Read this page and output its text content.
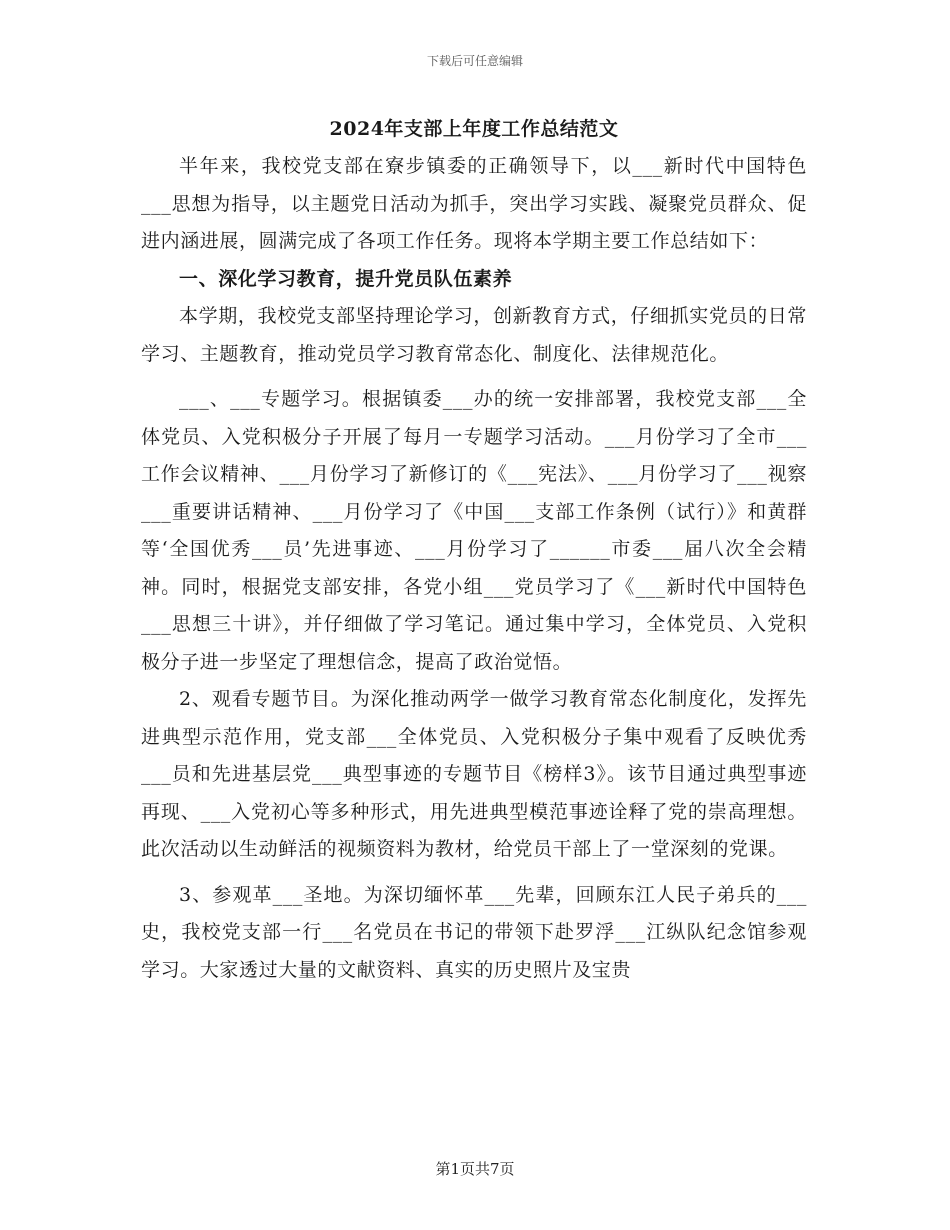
下载后可任意编辑
2024年支部上年度工作总结范文

半年来，我校党支部在寮步镇委的正确领导下，以___新时代中国特色___思想为指导，以主题党日活动为抓手，突出学习实践、凝聚党员群众、促进内涵进展，圆满完成了各项工作任务。现将本学期主要工作总结如下：

一、深化学习教育，提升党员队伍素养

本学期，我校党支部坚持理论学习，创新教育方式，仔细抓实党员的日常学习、主题教育，推动党员学习教育常态化、制度化、法律规范化。

___、___专题学习。根据镇委___办的统一安排部署，我校党支部___全体党员、入党积极分子开展了每月一专题学习活动。___月份学习了全市___工作会议精神、___月份学习了新修订的《___宪法》、___月份学习了___视察___重要讲话精神、___月份学习了《中国___支部工作条例（试行）》和黄群等‘全国优秀___员’先进事迹、___月份学习了______市委___届八次全会精神。同时，根据党支部安排，各党小组___党员学习了《___新时代中国特色___思想三十讲》，并仔细做了学习笔记。通过集中学习，全体党员、入党积极分子进一步坚定了理想信念，提高了政治觉悟。

2、观看专题节目。为深化推动两学一做学习教育常态化制度化，发挥先进典型示范作用，党支部___全体党员、入党积极分子集中观看了反映优秀___员和先进基层党___典型事迹的专题节目《榜样3》。该节目通过典型事迹再现、___入党初心等多种形式，用先进典型模范事迹诠释了党的崇高理想。此次活动以生动鲜活的视频资料为教材，给党员干部上了一堂深刻的党课。

3、参观革___圣地。为深切缅怀革___先辈，回顾东江人民子弟兵的___史，我校党支部一行___名党员在书记的带领下赴罗浮___江纵队纪念馆参观学习。大家透过大量的文献资料、真实的历史照片及宝贵

第1页共7页
